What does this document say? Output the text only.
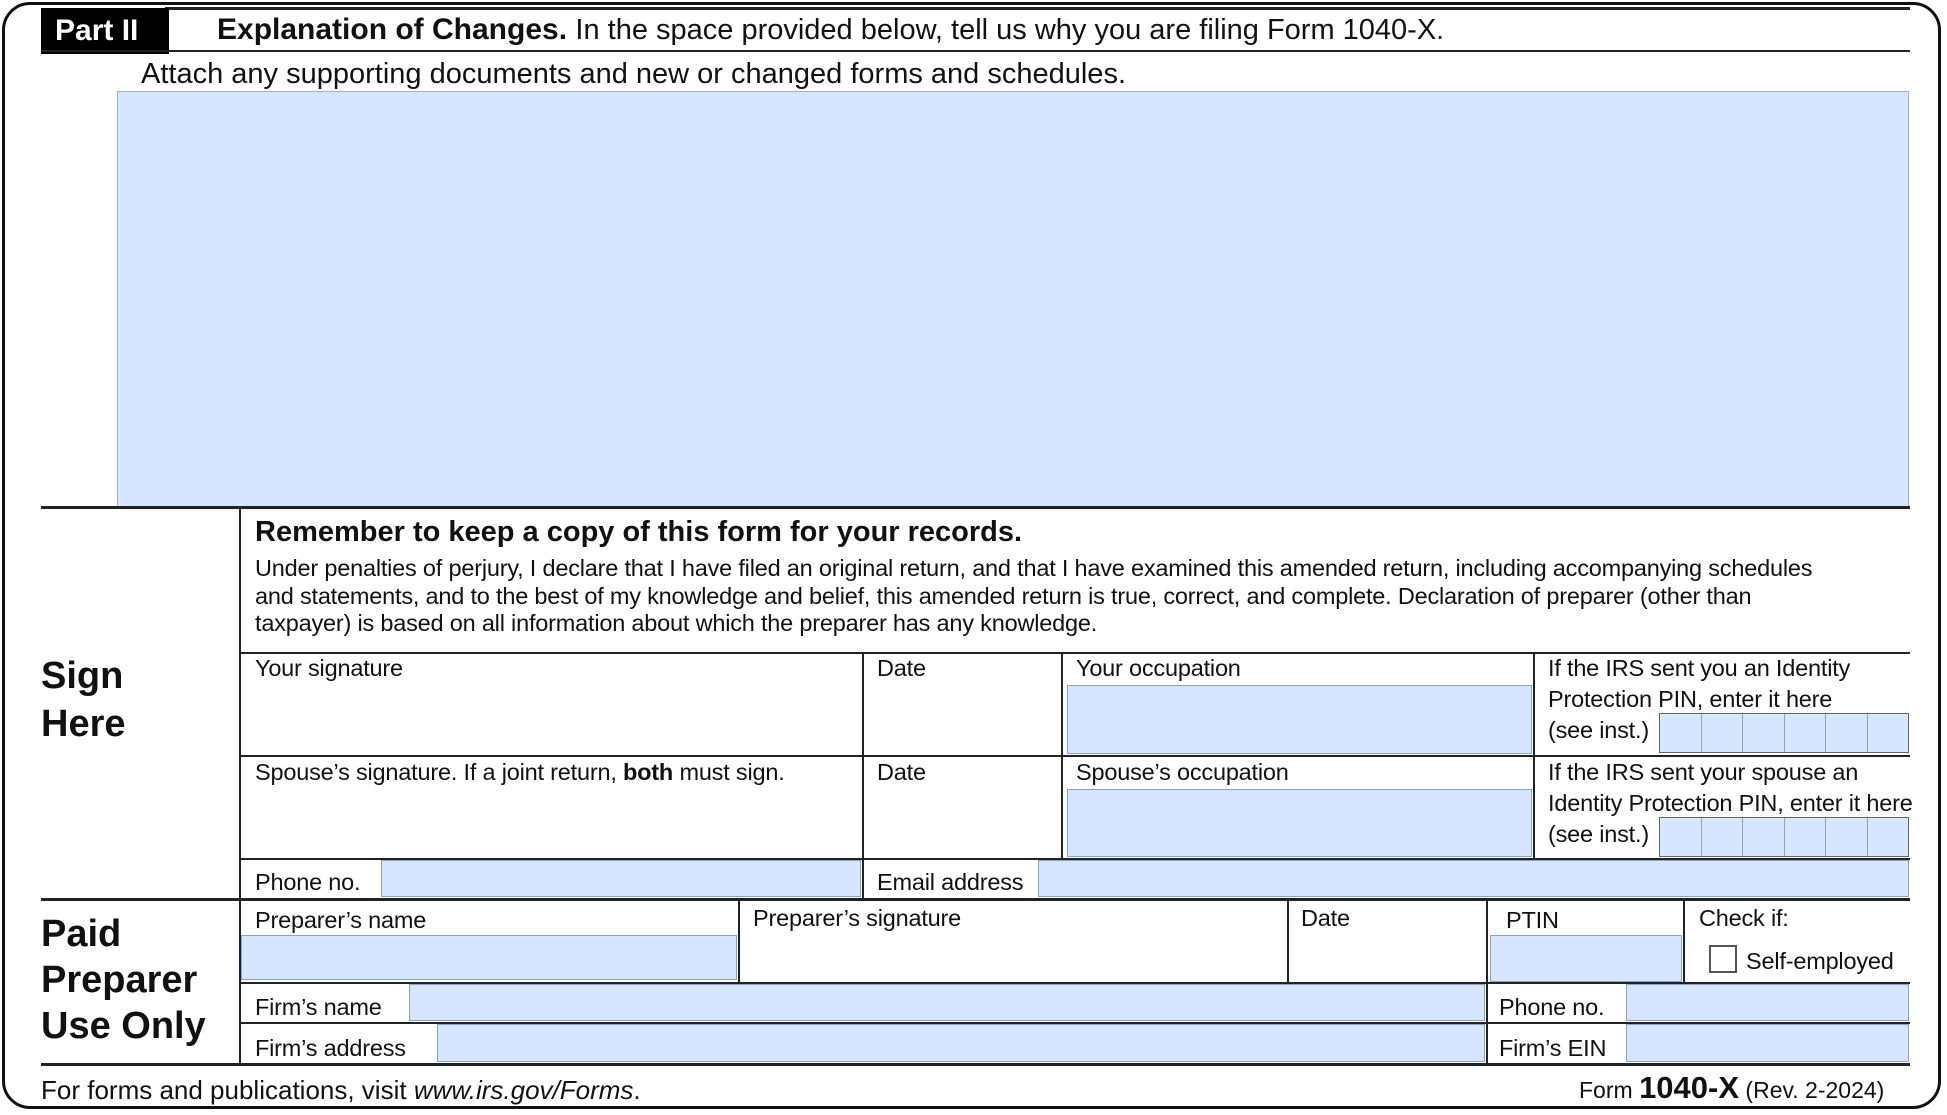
Part II	Explanation of Changes. In the space provided below, tell us why you are filing Form 1040-X.
Attach any supporting documents and new or changed forms and schedules.
Sign
Here
Remember to keep a copy of this form for your records.
Under penalties of perjury, I declare that I have filed an original return, and that I have examined this amended return, including accompanying schedules
and statements, and to the best of my knowledge and belief, this amended return is true, correct, and complete. Declaration of preparer (other than
taxpayer) is based on all information about which the preparer has any knowledge.
Your signature	Date	Your occupation	If the IRS sent you an Identity
Protection PIN, enter it here
(see inst.)
Spouse’s signature. If a joint return, both must sign.	Date	Spouse’s occupation	If the IRS sent your spouse an
Identity Protection PIN, enter it here
(see inst.)
Phone no.	Email address
Paid
Preparer
Use Only
Preparer’s name	Preparer’s signature	Date	PTIN	Check if:
Self-employed
Firm’s name	Phone no.
Firm’s address	Firm’s EIN
For forms and publications, visit www.irs.gov/Forms.	Form 1040-X (Rev. 2-2024)
